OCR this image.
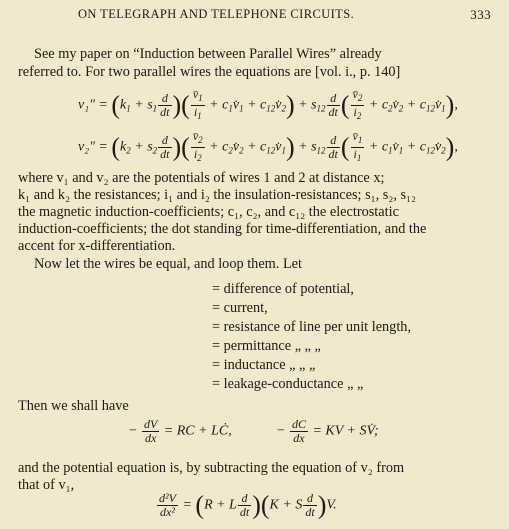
ON TELEGRAPH AND TELEPHONE CIRCUITS.	333
See my paper on “Induction between Parallel Wires” already
referred to. For two parallel wires the equations are [vol. i., p. 140]
$v_1'' = (k_1 + s_1 \frac{d}{dt}$ )( $\frac{v̄_1}{i_1}$ + $c_1v̇_1$ + $c_{12}v̇_2) + s_{12} \frac{d}{dt}$ ( $\frac{v̄_2}{i_2}$ + $c_2v̇_2$ + $c_{12}v̇_1$),
$v_2'' = (k_2 + s_2 \frac{d}{dt}$ )( $\frac{v̄_2}{i_2}$ + $c_2v̇_2$ + $c_{12}v̇_1) + s_{12} \frac{d}{dt}$ ( $\frac{v̄_1}{i_1}$ + $c_1v̇_1$ + $c_{12}v̇_2$),
where v₁ and v₂ are the potentials of wires 1 and 2 at distance x;
k₁ and k₂ the resistances; i₁ and i₂ the insulation-resistances; s₁, s₂, s₁₂
the magnetic induction-coefficients; c₁, c₂, and c₁₂ the electrostatic
induction-coefficients; the dot standing for time-differentiation, and the
accent for x-differentiation.
Now let the wires be equal, and loop them. Let
= difference of potential,
= current,
= resistance of line per unit length,
= permittance „ „ „
= inductance „ „ „
= leakage-conductance „ „
Then we shall have
− $\frac{dV}{dx}$ = RC + LĊ,	− $\frac{dC}{dx}$ = KV + SV̇;
and the potential equation is, by subtracting the equation of v₂ from
that of v₁,
$\frac{\text{d²V}}{\text{dx²}} = (R + L \frac{d}{dt} )(K + S \frac{d}{dt} )V$.
